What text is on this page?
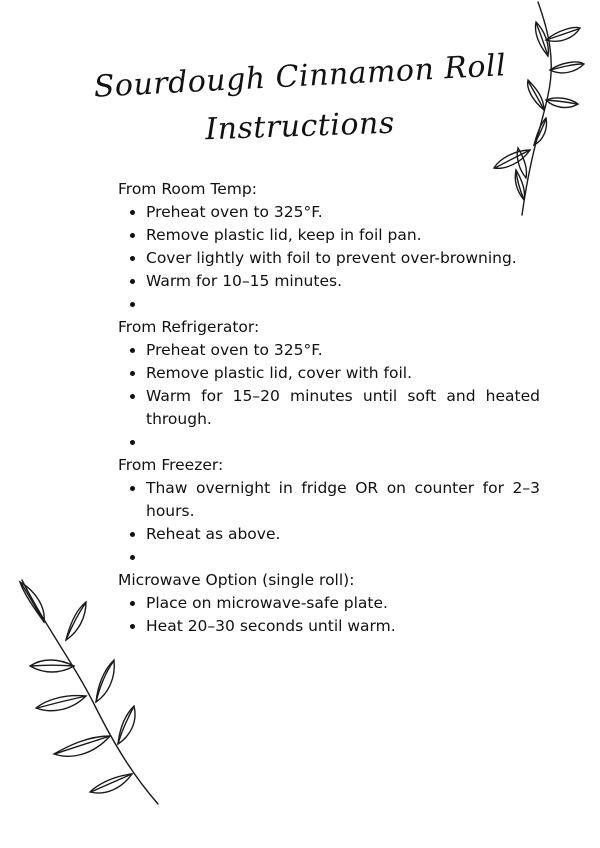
Sourdough Cinnamon Roll
Instructions

From Room Temp:

• Preheat oven to 325°F.
• Remove plastic lid, keep in foil pan.
• Cover lightly with foil to prevent over-browning.
• Warm for 10–15 minutes.
•

From Refrigerator:

• Preheat oven to 325°F.
• Remove plastic lid, cover with foil.
• Warm for 15–20 minutes until soft and heated through.
•

From Freezer:

• Thaw overnight in fridge OR on counter for 2–3 hours.
• Reheat as above.
•

Microwave Option (single roll):

• Place on microwave-safe plate.
• Heat 20–30 seconds until warm.
